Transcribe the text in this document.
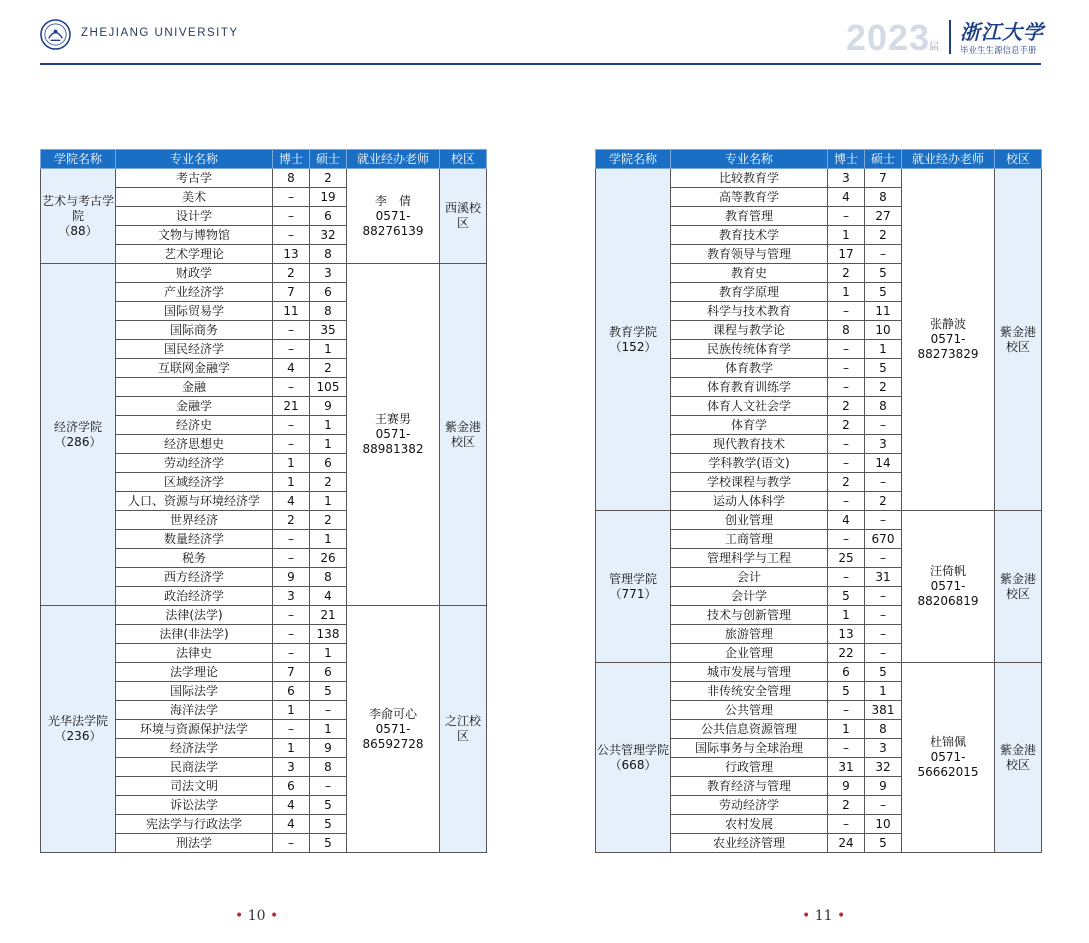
ZHEJIANG UNIVERSITY	2023
届
浙江大学
毕业生生源信息手册
学院名称	专业名称	博士	硕士	就业经办老师	校区

艺术与考古学院
（88）	考古学	8	2	李　倩
0571-88276139	西溪校区
	美术	–	19		
	设计学	–	6		
	文物与博物馆	–	32		
	艺术学理论	13	8		

经济学院
（286）	财政学	2	3	王赛男
0571-88981382	紫金港校区
	产业经济学	7	6		
	国际贸易学	11	8		
	国际商务	–	35		
	国民经济学	–	1		
	互联网金融学	4	2		
	金融	–	105		
	金融学	21	9		
	经济史	–	1		
	经济思想史	–	1		
	劳动经济学	1	6		
	区域经济学	1	2		
	人口、资源与环境经济学	4	1		
	世界经济	2	2		
	数量经济学	–	1		
	税务	–	26		
	西方经济学	9	8		
	政治经济学	3	4		

光华法学院
（236）	法律(法学)	–	21	李俞可心
0571-86592728	之江校区
	法律(非法学)	–	138		
	法律史	–	1		
	法学理论	7	6		
	国际法学	6	5		
	海洋法学	1	–		
	环境与资源保护法学	–	1		
	经济法学	1	9		
	民商法学	3	8		
	司法文明	6	–		
	诉讼法学	4	5		
	宪法学与行政法学	4	5		
	刑法学	–	5		
学院名称	专业名称	博士	硕士	就业经办老师	校区

教育学院
（152）	比较教育学	3	7	张静波
0571-88273829	紫金港校区
	高等教育学	4	8		
	教育管理	–	27		
	教育技术学	1	2		
	教育领导与管理	17	–		
	教育史	2	5		
	教育学原理	1	5		
	科学与技术教育	–	11		
	课程与教学论	8	10		
	民族传统体育学	–	1		
	体育教学	–	5		
	体育教育训练学	–	2		
	体育人文社会学	2	8		
	体育学	2	–		
	现代教育技术	–	3		
	学科教学(语文)	–	14		
	学校课程与教学	2	–		
	运动人体科学	–	2		

管理学院
（771）	创业管理	4	–	汪倚帆
0571-88206819	紫金港校区
	工商管理	–	670		
	管理科学与工程	25	–		
	会计	–	31		
	会计学	5	–		
	技术与创新管理	1	–		
	旅游管理	13	–		
	企业管理	22	–		

公共管理学院
（668）	城市发展与管理	6	5	杜锦佩
0571-56662015	紫金港校区
	非传统安全管理	5	1		
	公共管理	–	381		
	公共信息资源管理	1	8		
	国际事务与全球治理	–	3		
	行政管理	31	32		
	教育经济与管理	9	9		
	劳动经济学	2	–		
	农村发展	–	10		
	农业经济管理	24	5		
• 10 •	• 11 •
